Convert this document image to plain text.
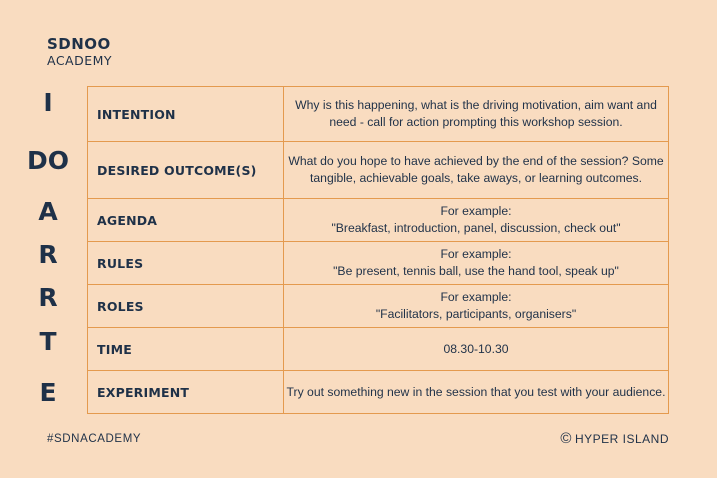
SDNOO
ACADEMY
I
DO
A
R
R
T
E
INTENTION	Why is this happening, what is the driving motivation, aim want and
need - call for action prompting this workshop session.

DESIRED OUTCOME(S)	What do you hope to have achieved by the end of the session? Some
tangible, achievable goals, take aways, or learning outcomes.

AGENDA	For example:
"Breakfast, introduction, panel, discussion, check out"

RULES	For example:
"Be present, tennis ball, use the hand tool, speak up"

ROLES	For example:
"Facilitators, participants, organisers"

TIME	08.30-10.30

EXPERIMENT	Try out something new in the session that you test with your audience.
#SDNACADEMY	© HYPER ISLAND
